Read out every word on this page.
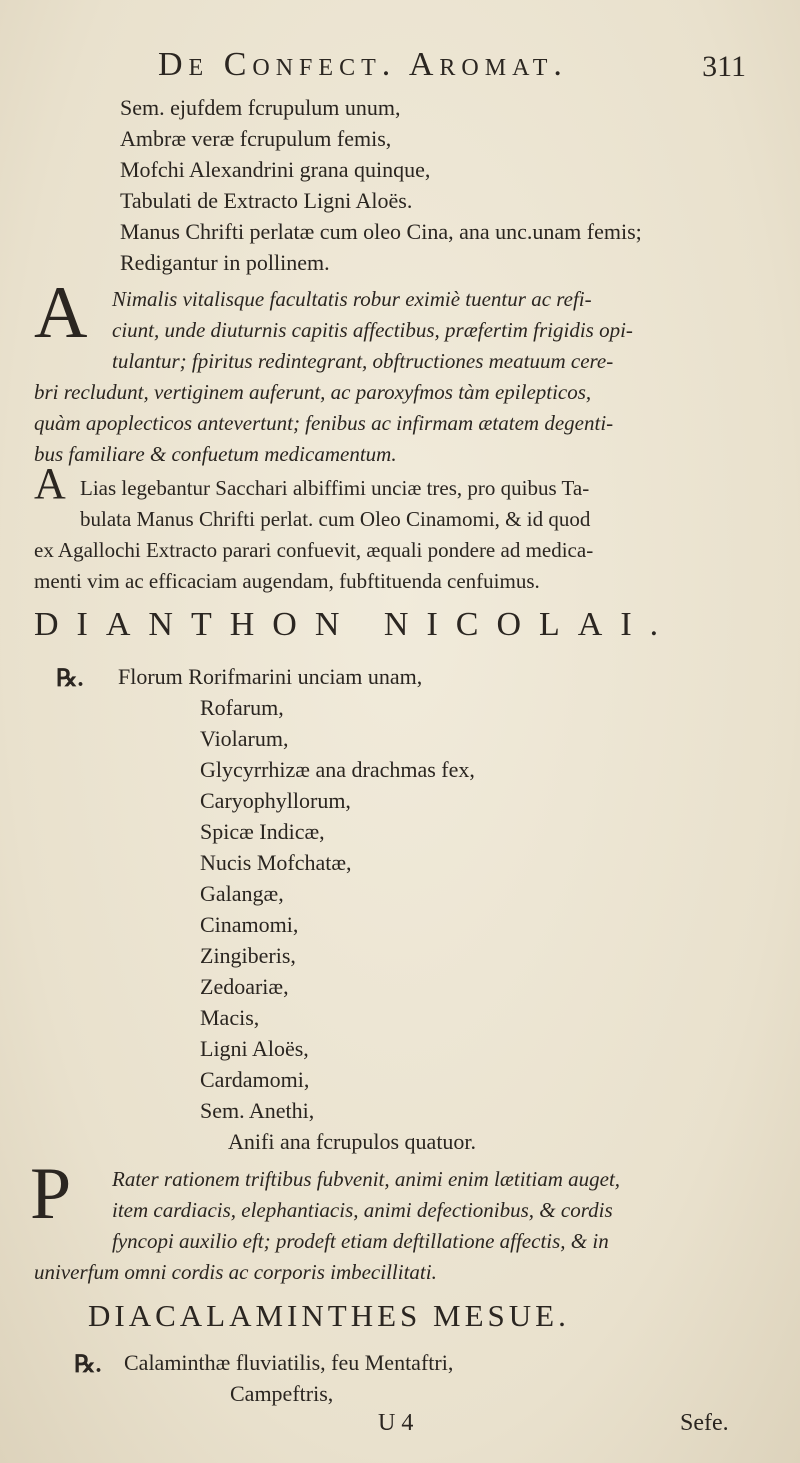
De Confect. Aromat.	311
Sem. ejufdem fcrupulum unum,
Ambræ veræ fcrupulum femis,
Mofchi Alexandrini grana quinque,
Tabulati de Extracto Ligni Aloës.
Manus Chrifti perlatæ cum oleo Cina, ana unc.unam femis;
Redigantur in pollinem.
A Nimalis vitalisque facultatis robur eximiè tuentur ac refi-
ciunt, unde diuturnis capitis affectibus, præfertim frigidis opi-
tulantur; fpiritus redintegrant, obftructiones meatuum cere-
bri recludunt, vertiginem auferunt, ac paroxyfmos tàm epilepticos,
quàm apoplecticos antevertunt; fenibus ac infirmam ætatem degenti-
bus familiare & confuetum medicamentum.
A Lias legebantur Sacchari albiffimi unciæ tres, pro quibus Ta-
bulata Manus Chrifti perlat. cum Oleo Cinamomi, & id quod
ex Agallochi Extracto parari confuevit, æquali pondere ad medica-
menti vim ac efficaciam augendam, fubftituenda cenfuimus.
DIANTHON NICOLAI.
℞. Florum Rorifmarini unciam unam,
Rofarum,
Violarum,
Glycyrrhizæ ana drachmas fex,
Caryophyllorum,
Spicæ Indicæ,
Nucis Mofchatæ,
Galangæ,
Cinamomi,
Zingiberis,
Zedoariæ,
Macis,
Ligni Aloës,
Cardamomi,
Sem. Anethi,
Anifi ana fcrupulos quatuor.
P Rater rationem triftibus fubvenit, animi enim lætitiam auget,
item cardiacis, elephantiacis, animi defectionibus, & cordis
fyncopi auxilio eft; prodeft etiam deftillatione affectis, & in
univerfum omni cordis ac corporis imbecillitati.
DIACALAMINTHES MESUE.
℞. Calaminthæ fluviatilis, feu Mentaftri,
Campeftris,
U 4	Sefe.
